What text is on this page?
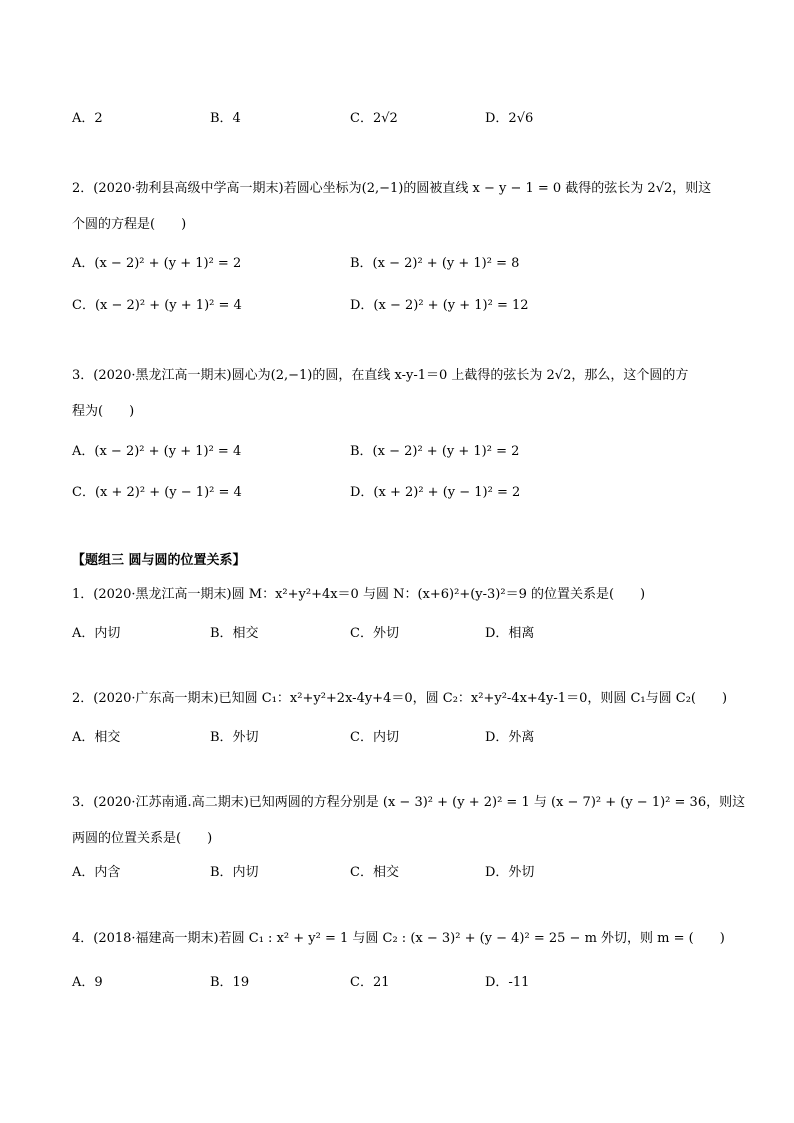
A．2	B．4	C．2√2	D．2√6
2．(2020·勃利县高级中学高一期末)若圆心坐标为(2,−1)的圆被直线 x − y − 1 = 0 截得的弦长为 2√2，则这
个圆的方程是(　　)
A．(x − 2)² + (y + 1)² = 2	B．(x − 2)² + (y + 1)² = 8
C．(x − 2)² + (y + 1)² = 4	D．(x − 2)² + (y + 1)² = 12
3．(2020·黑龙江高一期末)圆心为(2,−1)的圆，在直线 x-y-1＝0 上截得的弦长为 2√2，那么，这个圆的方
程为(　　)
A．(x − 2)² + (y + 1)² = 4	B．(x − 2)² + (y + 1)² = 2
C．(x + 2)² + (y − 1)² = 4	D．(x + 2)² + (y − 1)² = 2
【题组三 圆与圆的位置关系】
1．(2020·黑龙江高一期末)圆 M：x²+y²+4x＝0 与圆 N：(x+6)²+(y-3)²＝9 的位置关系是(　　)
A．内切	B．相交	C．外切	D．相离
2．(2020·广东高一期末)已知圆 C₁：x²+y²+2x-4y+4＝0，圆 C₂：x²+y²-4x+4y-1＝0，则圆 C₁与圆 C₂(　　)
A．相交	B．外切	C．内切	D．外离
3．(2020·江苏南通.高二期末)已知两圆的方程分别是 (x − 3)² + (y + 2)² = 1 与 (x − 7)² + (y − 1)² = 36，则这
两圆的位置关系是(　　)
A．内含	B．内切	C．相交	D．外切
4．(2018·福建高一期末)若圆 C₁ : x² + y² = 1 与圆 C₂ : (x − 3)² + (y − 4)² = 25 − m 外切，则 m = (　　)
A．9	B．19	C．21	D．-11
